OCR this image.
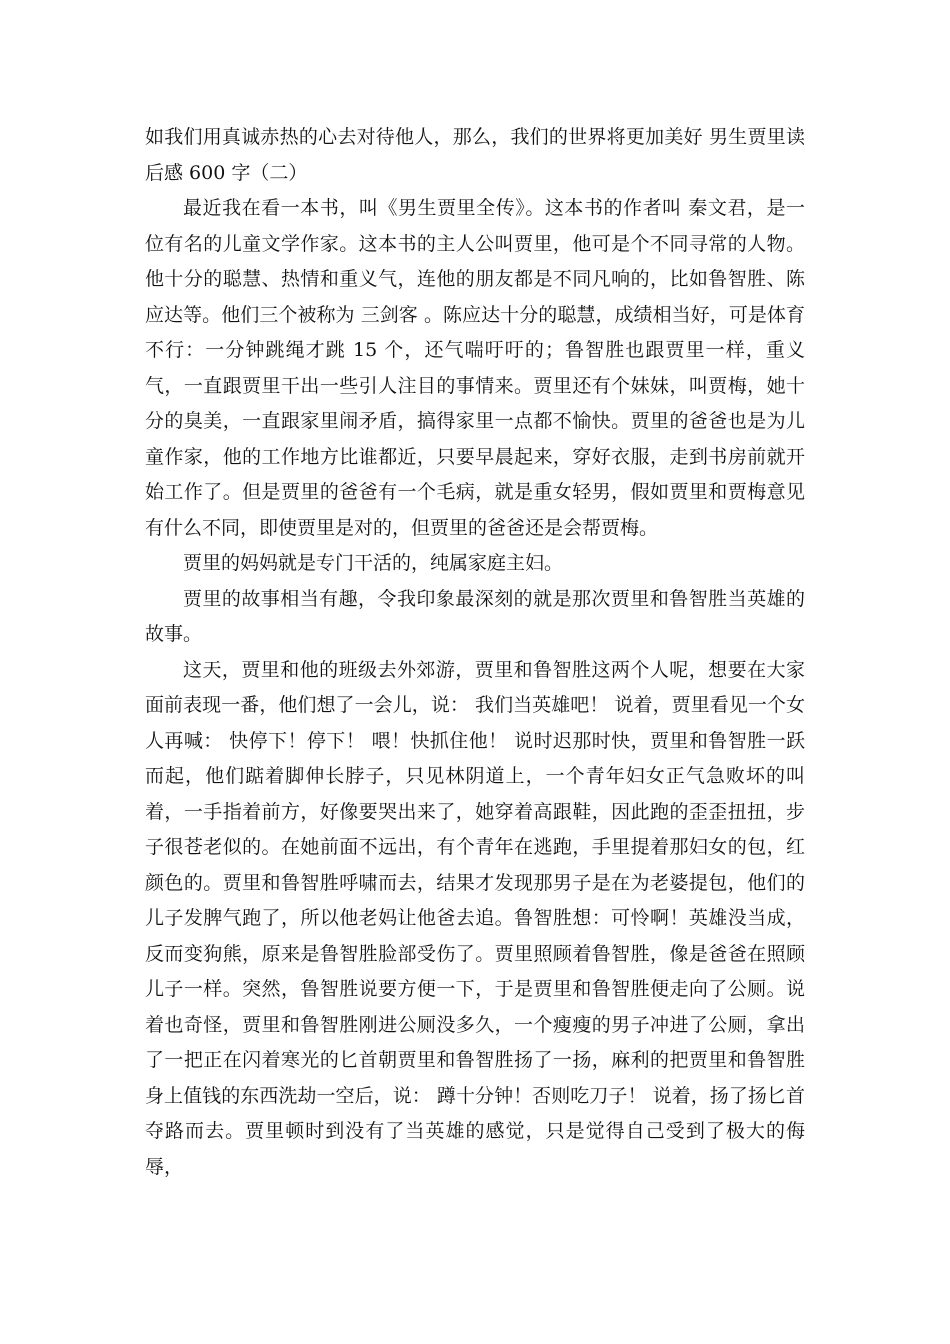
如我们用真诚赤热的心去对待他人，那么，我们的世界将更加美好 男生贾里读后感 600 字（二）

最近我在看一本书，叫《男生贾里全传》。这本书的作者叫 秦文君，是一位有名的儿童文学作家。这本书的主人公叫贾里，他可是个不同寻常的人物。他十分的聪慧、热情和重义气，连他的朋友都是不同凡响的，比如鲁智胜、陈应达等。他们三个被称为 三剑客 。陈应达十分的聪慧，成绩相当好，可是体育不行：一分钟跳绳才跳 15 个，还气喘吁吁的；鲁智胜也跟贾里一样，重义气，一直跟贾里干出一些引人注目的事情来。贾里还有个妹妹，叫贾梅，她十分的臭美，一直跟家里闹矛盾，搞得家里一点都不愉快。贾里的爸爸也是为儿童作家，他的工作地方比谁都近，只要早晨起来，穿好衣服，走到书房前就开始工作了。但是贾里的爸爸有一个毛病，就是重女轻男，假如贾里和贾梅意见有什么不同，即使贾里是对的，但贾里的爸爸还是会帮贾梅。

贾里的妈妈就是专门干活的，纯属家庭主妇。

贾里的故事相当有趣，令我印象最深刻的就是那次贾里和鲁智胜当英雄的故事。

这天，贾里和他的班级去外郊游，贾里和鲁智胜这两个人呢，想要在大家面前表现一番，他们想了一会儿，说： 我们当英雄吧！ 说着，贾里看见一个女人再喊： 快停下！停下！ 喂！快抓住他！ 说时迟那时快，贾里和鲁智胜一跃而起，他们踮着脚伸长脖子，只见林阴道上，一个青年妇女正气急败坏的叫着，一手指着前方，好像要哭出来了，她穿着高跟鞋，因此跑的歪歪扭扭，步子很苍老似的。在她前面不远出，有个青年在逃跑，手里提着那妇女的包，红颜色的。贾里和鲁智胜呼啸而去，结果才发现那男子是在为老婆提包，他们的儿子发脾气跑了，所以他老妈让他爸去追。鲁智胜想：可怜啊！英雄没当成，反而变狗熊，原来是鲁智胜脸部受伤了。贾里照顾着鲁智胜，像是爸爸在照顾儿子一样。突然，鲁智胜说要方便一下，于是贾里和鲁智胜便走向了公厕。说着也奇怪，贾里和鲁智胜刚进公厕没多久，一个瘦瘦的男子冲进了公厕，拿出了一把正在闪着寒光的匕首朝贾里和鲁智胜扬了一扬，麻利的把贾里和鲁智胜身上值钱的东西洗劫一空后，说： 蹲十分钟！否则吃刀子！ 说着，扬了扬匕首夺路而去。贾里顿时到没有了当英雄的感觉，只是觉得自己受到了极大的侮辱，
